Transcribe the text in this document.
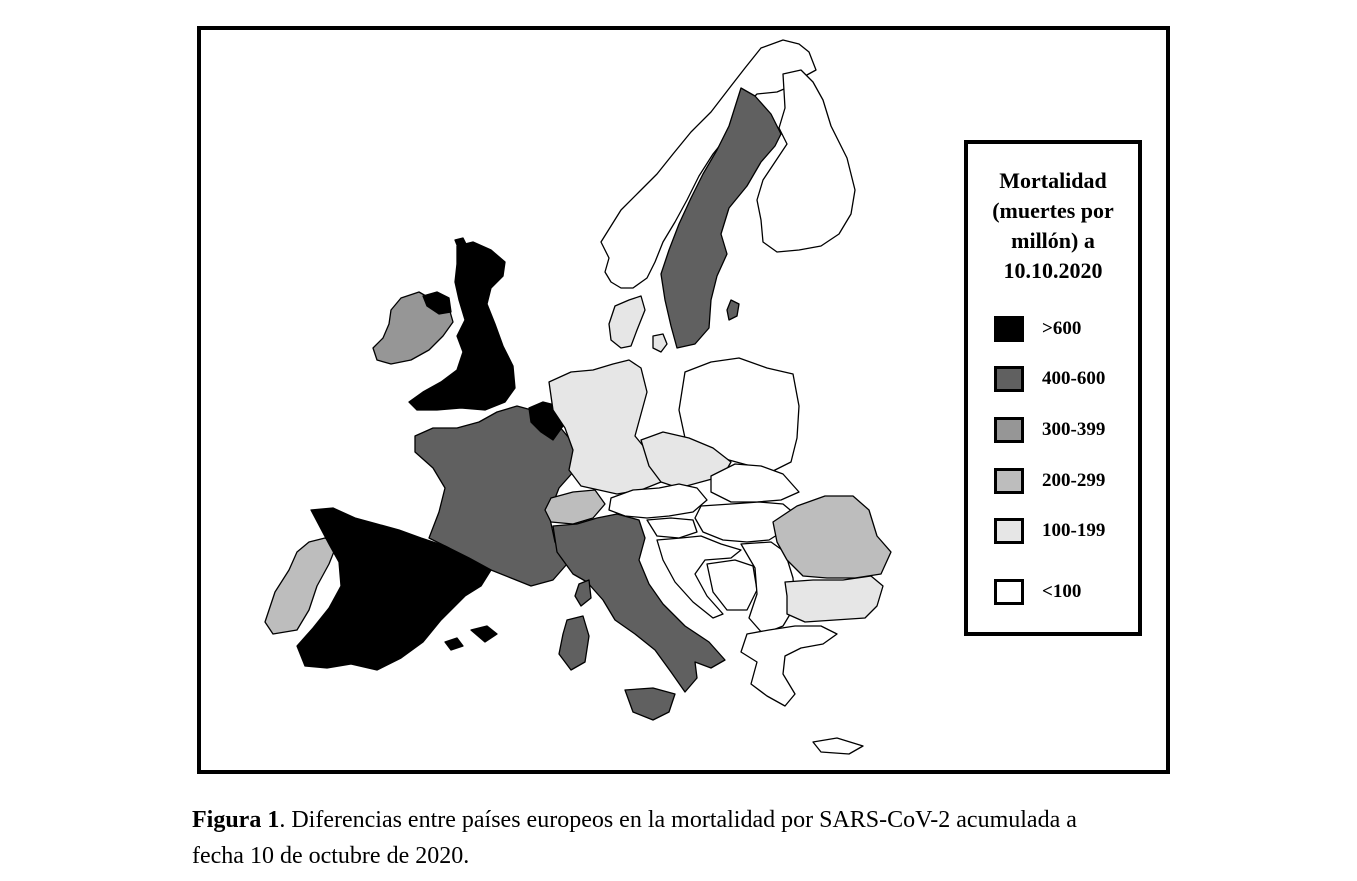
Mortalidad
(muertes por
millón) a
10.10.2020
>600
400-600
300-399
200-299
100-199
<100
Figura 1. Diferencias entre países europeos en la mortalidad por SARS-CoV-2 acumulada a fecha 10 de octubre de 2020.
